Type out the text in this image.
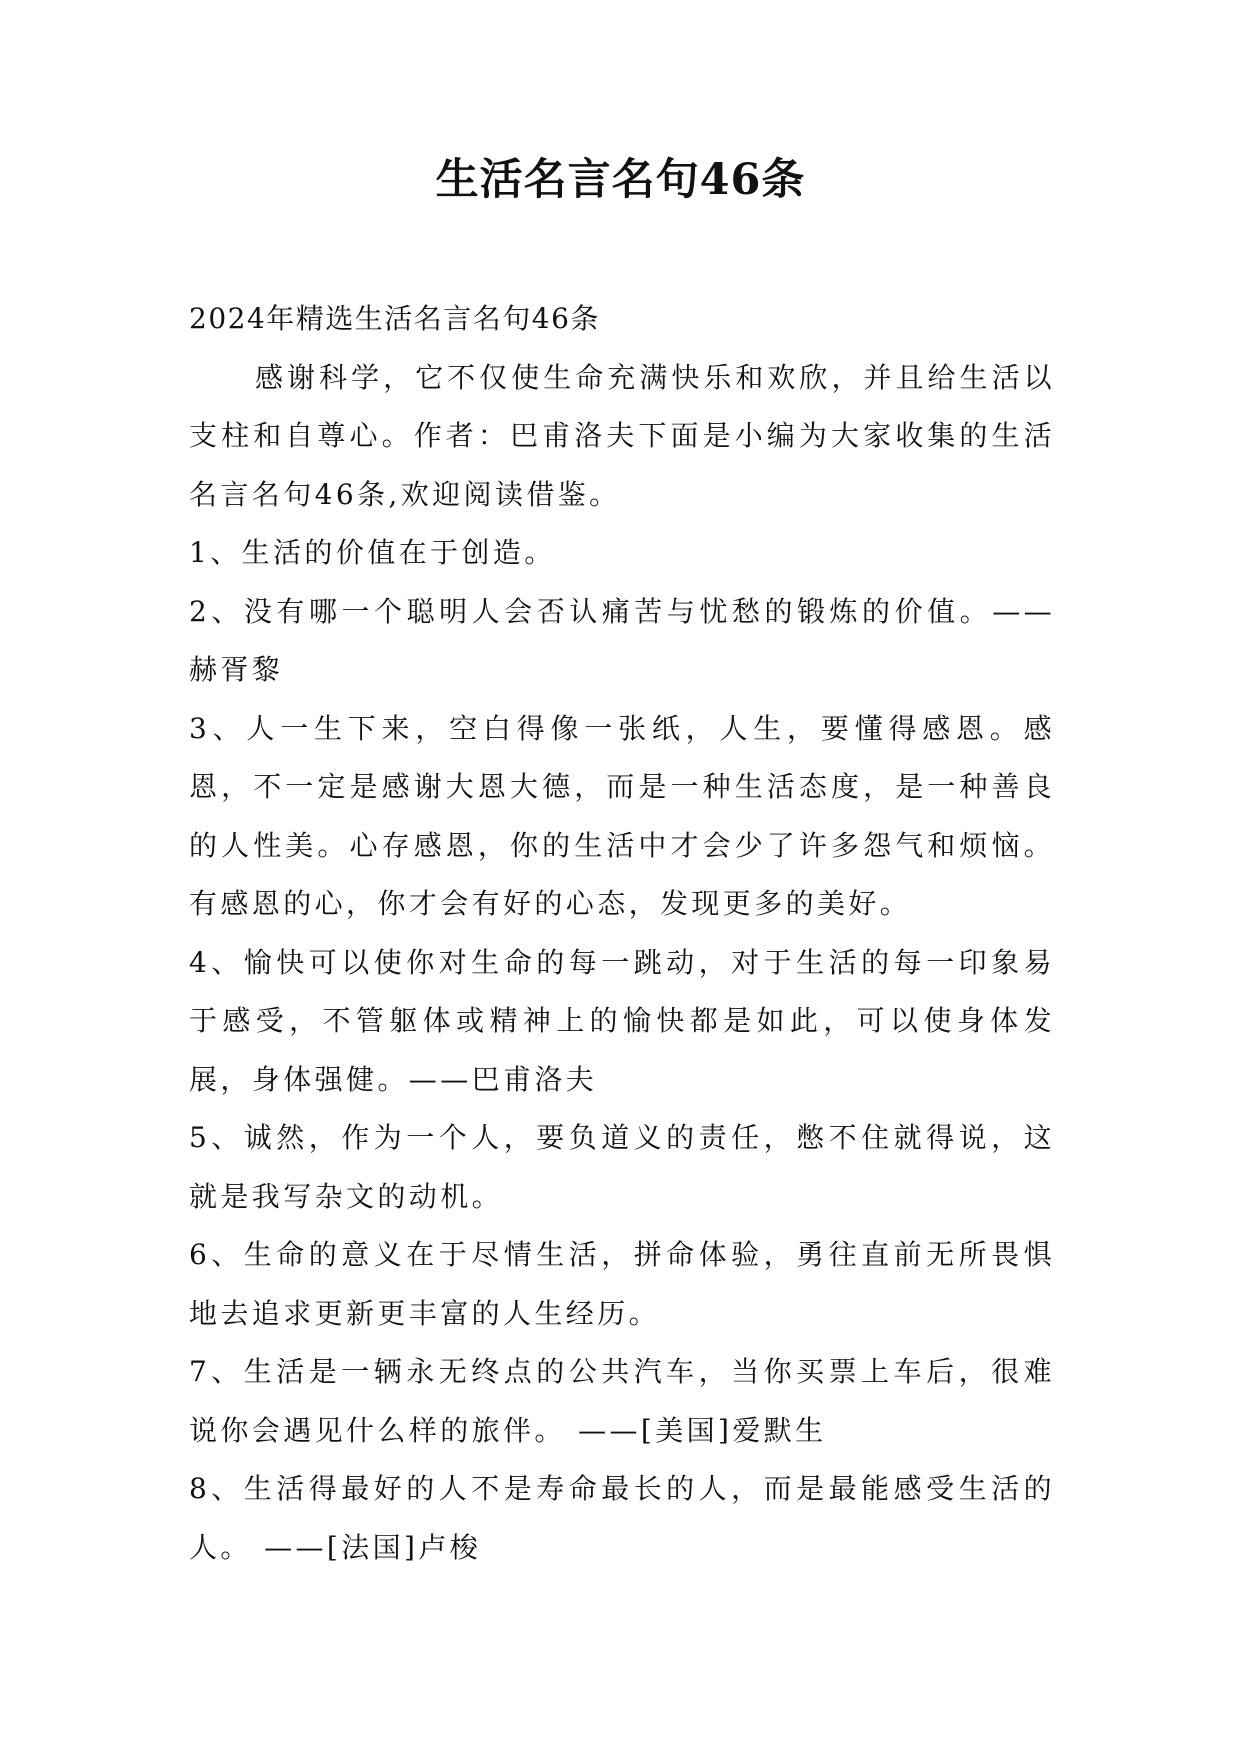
生活名言名句46条

2024年精选生活名言名句46条

感谢科学，它不仅使生命充满快乐和欢欣，并且给生活以支柱和自尊心。作者：巴甫洛夫下面是小编为大家收集的生活名言名句46条,欢迎阅读借鉴。

1、生活的价值在于创造。

2、没有哪一个聪明人会否认痛苦与忧愁的锻炼的价值。——赫胥黎

3、人一生下来，空白得像一张纸，人生，要懂得感恩。感恩，不一定是感谢大恩大德，而是一种生活态度，是一种善良的人性美。心存感恩，你的生活中才会少了许多怨气和烦恼。有感恩的心，你才会有好的心态，发现更多的美好。

4、愉快可以使你对生命的每一跳动，对于生活的每一印象易于感受，不管躯体或精神上的愉快都是如此，可以使身体发展，身体强健。——巴甫洛夫

5、诚然，作为一个人，要负道义的责任，憋不住就得说，这就是我写杂文的动机。

6、生命的意义在于尽情生活，拼命体验，勇往直前无所畏惧地去追求更新更丰富的人生经历。

7、生活是一辆永无终点的公共汽车，当你买票上车后，很难说你会遇见什么样的旅伴。 ——[美国]爱默生

8、生活得最好的人不是寿命最长的人，而是最能感受生活的人。 ——[法国]卢梭
